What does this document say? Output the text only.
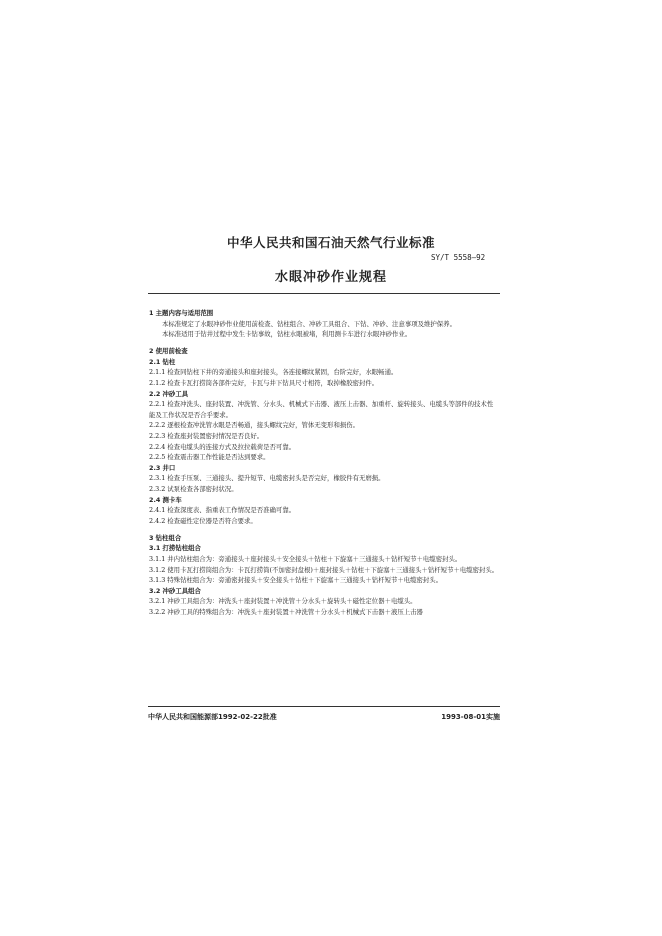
中华人民共和国石油天然气行业标准
SY/T 5558—92
水眼冲砂作业规程

1 主题内容与适用范围

本标准规定了水眼冲砂作业使用前检查、钻柱组合、冲砂工具组合、下钻、冲砂、注意事项及维护保养。

本标准适用于钻井过程中发生卡钻事故，钻柱水眼被堵，利用测卡车进行水眼冲砂作业。

2 使用前检查

2.1 钻柱

2.1.1 检查同钻柱下井的旁通接头和座封接头，各连接螺纹紧固，台阶完好，水眼畅通。

2.1.2 检查卡瓦打捞筒各部件完好，卡瓦与井下钻具尺寸相符，取掉橡胶密封件。

2.2 冲砂工具

2.2.1 检查冲洗头、座封装置、冲洗管、分水头、机械式下击器、液压上击器、加重杆、旋转接头、电缆头等部件的技术性能及工作状况是否合乎要求。

2.2.2 逐根检查冲洗管水眼是否畅通，接头螺纹完好，管体无变形和损伤。

2.2.3 检查座封装置密封情况是否良好。

2.2.4 检查电缆头的连接方式及拉拉载荷是否可靠。

2.2.5 检查震击器工作性能是否达到要求。

2.3 井口

2.3.1 检查手压泵、三通接头、提升短节、电缆密封头是否完好，橡胶件有无磨损。

2.3.2 试泵检查各部密封状况。

2.4 测卡车

2.4.1 检查深度表、指重表工作情况是否准确可靠。

2.4.2 检查磁性定位器是否符合要求。

3 钻柱组合

3.1 打捞钻柱组合

3.1.1 井内钻柱组合为：旁通接头＋座封接头＋安全接头＋钻柱＋下旋塞＋三通接头＋钻杆短节＋电缆密封头。

3.1.2 使用卡瓦打捞筒组合为：卡瓦打捞筒(不加密封盘根)＋座封接头＋钻柱＋下旋塞＋三通接头＋钻杆短节＋电缆密封头。

3.1.3 特殊钻柱组合为：旁通密封接头＋安全接头＋钻柱＋下旋塞＋三通接头＋钻杆短节＋电缆密封头。

3.2 冲砂工具组合

3.2.1 冲砂工具组合为：冲洗头＋座封装置＋冲洗管＋分水头＋旋转头＋磁性定位器＋电缆头。

3.2.2 冲砂工具的特殊组合为：冲洗头＋座封装置＋冲洗管＋分水头＋机械式下击器＋液压上击器

中华人民共和国能源部1992-02-22批准	1993-08-01实施
